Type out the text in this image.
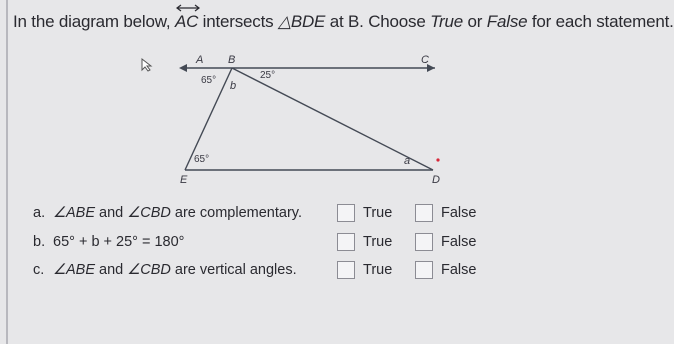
In the diagram below,
AC intersects △BDE at B. Choose True or False for each statement.

A B	C
D
E
65° b
25°
65°	a
a. ∠ABE and ∠CBD are complementary.	True	False
b. 65° + b + 25° = 180°	True	False
c. ∠ABE and ∠CBD are vertical angles.	True	False
